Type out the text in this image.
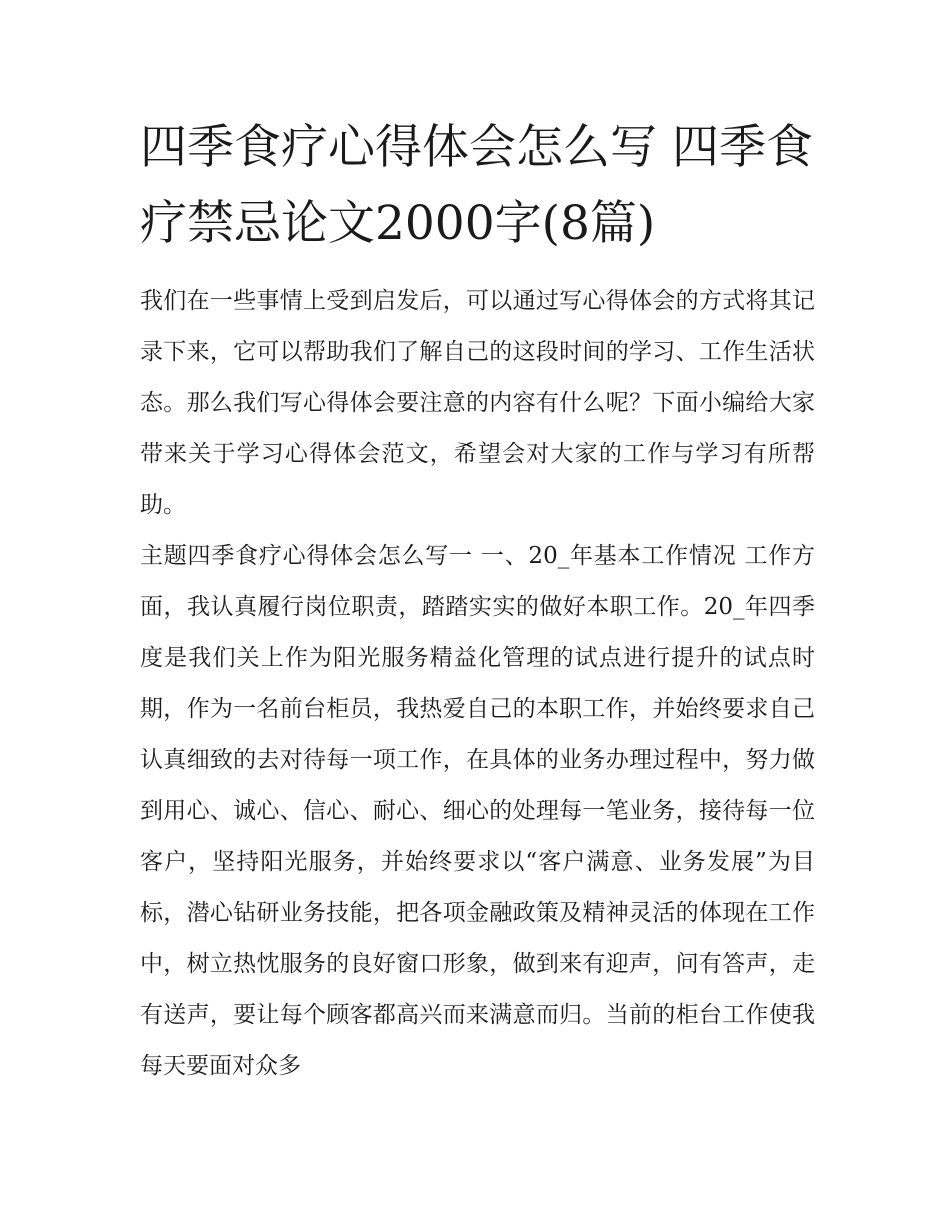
四季食疗心得体会怎么写 四季食疗禁忌论文2000字(8篇)

我们在一些事情上受到启发后，可以通过写心得体会的方式将其记录下来，它可以帮助我们了解自己的这段时间的学习、工作生活状态。那么我们写心得体会要注意的内容有什么呢？下面小编给大家带来关于学习心得体会范文，希望会对大家的工作与学习有所帮助。

主题四季食疗心得体会怎么写一 一、20_年基本工作情况 工作方面，我认真履行岗位职责，踏踏实实的做好本职工作。20_年四季度是我们关上作为阳光服务精益化管理的试点进行提升的试点时期，作为一名前台柜员，我热爱自己的本职工作，并始终要求自己认真细致的去对待每一项工作，在具体的业务办理过程中，努力做到用心、诚心、信心、耐心、细心的处理每一笔业务，接待每一位客户，坚持阳光服务，并始终要求以“客户满意、业务发展”为目标，潜心钻研业务技能，把各项金融政策及精神灵活的体现在工作中，树立热忱服务的良好窗口形象，做到来有迎声，问有答声，走有送声，要让每个顾客都高兴而来满意而归。当前的柜台工作使我每天要面对众多
